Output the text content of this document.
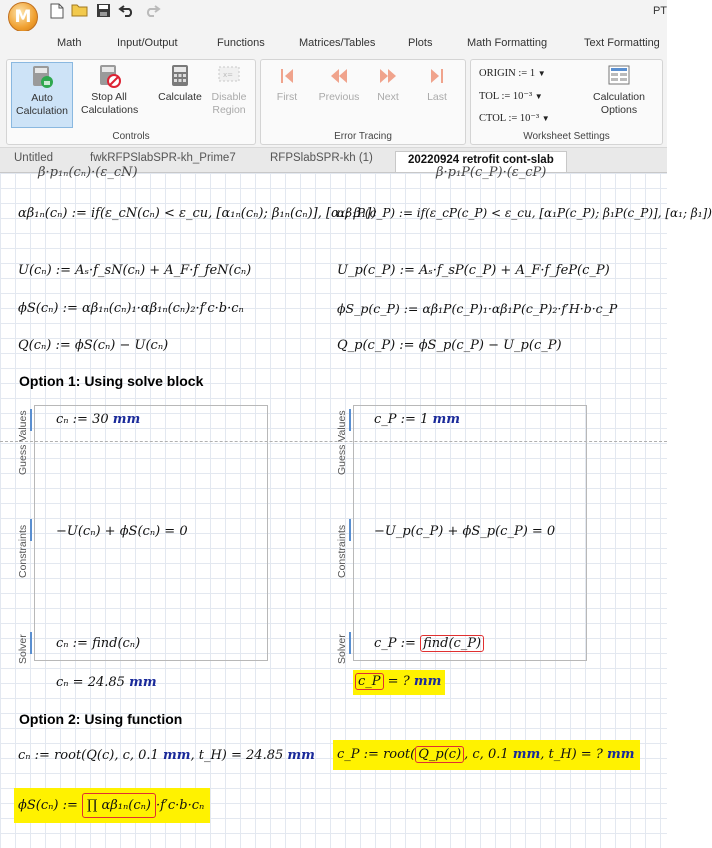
M	PT
Math	Input/Output	Functions	Matrices/Tables	Plots	Math Formatting	Text Formatting
Auto Calculation
Stop All Calculations
Calculate
x=
Disable Region
Controls
First	Previous	Next	Last
Error Tracing
ORIGIN := 1 ▼
TOL := 10⁻³ ▼
CTOL := 10⁻³ ▼
Calculation Options
Worksheet Settings
Untitled	fwkRFPSlabSPR-kh_Prime7	RFPSlabSPR-kh (1)	20220924 retrofit cont-slab
β·p₁ₙ(cₙ)·(ε_cN)	β·p₁P(c_P)·(ε_cP)
αβ₁ₙ(cₙ) := if(ε_cN(cₙ) < ε_cu, [α₁ₙ(cₙ); β₁ₙ(cₙ)], [α₁; β₁])
αβ₁P(c_P) := if(ε_cP(c_P) < ε_cu, [α₁P(c_P); β₁P(c_P)], [α₁; β₁])
U(cₙ) := Aₛ·f_sN(cₙ) + A_F·f_feN(cₙ)	U_p(c_P) := Aₛ·f_sP(c_P) + A_F·f_feP(c_P)
ϕS(cₙ) := αβ₁ₙ(cₙ)₁·αβ₁ₙ(cₙ)₂·f′c·b·cₙ	ϕS_p(c_P) := αβ₁P(c_P)₁·αβ₁P(c_P)₂·f′H·b·c_P
Q(cₙ) := ϕS(cₙ) − U(cₙ)	Q_p(c_P) := ϕS_p(c_P) − U_p(c_P)
Option 1: Using solve block
Guess Values
Constraints
Solver
cₙ := 30 mm
−U(cₙ) + ϕS(cₙ) = 0
cₙ := find(cₙ)
Guess Values
Constraints
Solver
c_P := 1 mm
−U_p(c_P) + ϕS_p(c_P) = 0
c_P := find(c_P)
cₙ = 24.85 mm	c_P = ? mm
Option 2: Using function
cₙ := root(Q(c), c, 0.1 mm, t_H) = 24.85 mm	c_P := root( Q_p(c) , c, 0.1 mm, t_H) = ? mm
ϕS(cₙ) := ∏ αβ₁ₙ(cₙ) ·f′c·b·cₙ
